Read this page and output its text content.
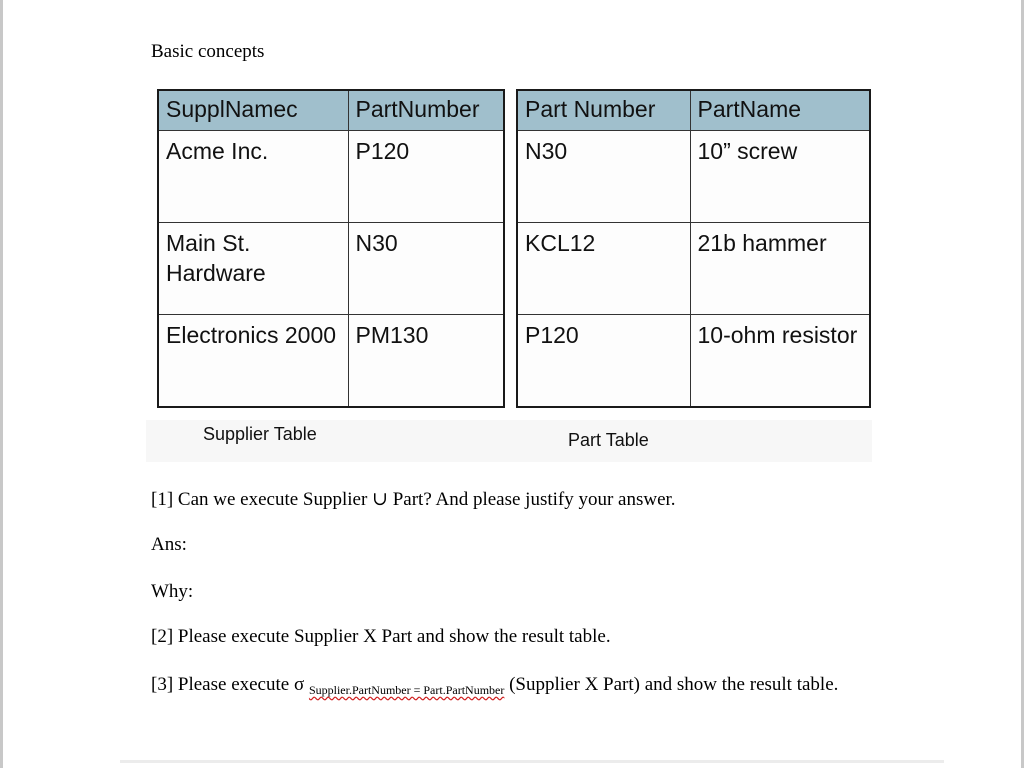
Basic concepts
SupplNamec	PartNumber
Acme Inc.	P120
Main St. Hardware	N30
Electronics 2000	PM130
Part Number	PartName
N30	10” screw
KCL12	21b hammer
P120	10-ohm resistor
Supplier Table	Part Table
[1] Can we execute Supplier ∪ Part? And please justify your answer.
Ans:
Why:
[2] Please execute Supplier X Part and show the result table.
[3] Please execute σ $_{Supplier.PartNumber = Part.PartNumber}$ (Supplier X Part) and show the result table.
